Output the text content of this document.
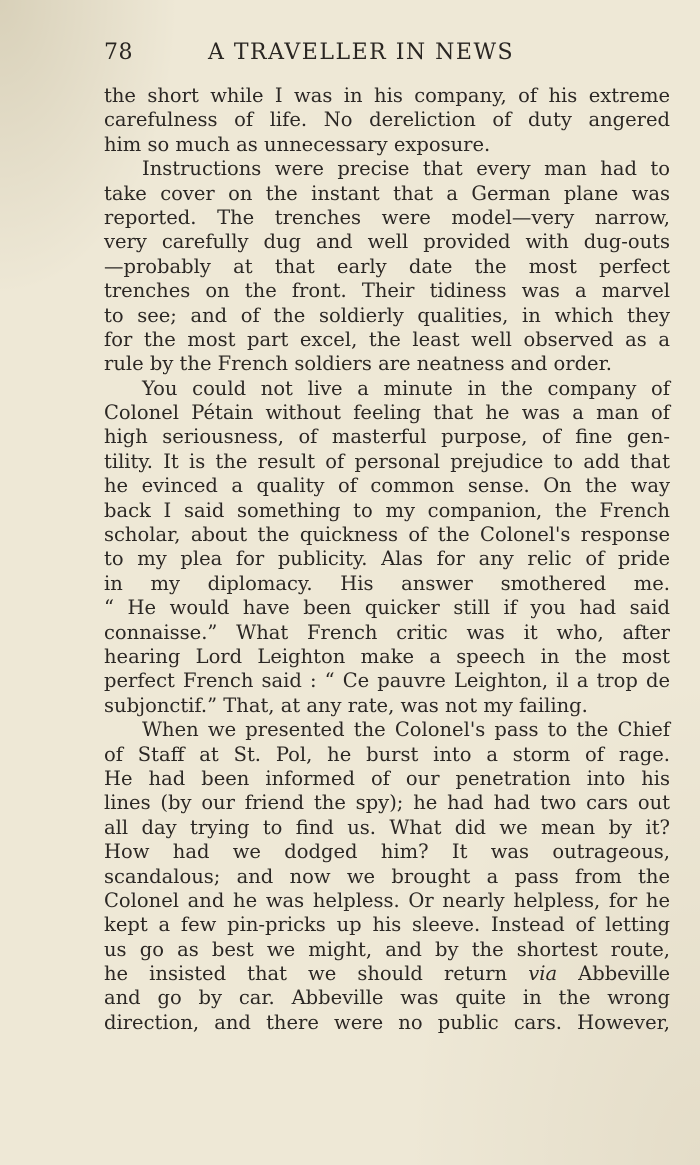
78	A TRAVELLER IN NEWS
the short while I was in his company, of his extreme
carefulness of life. No dereliction of duty angered
him so much as unnecessary exposure.
Instructions were precise that every man had to
take cover on the instant that a German plane was
reported. The trenches were model—very narrow,
very carefully dug and well provided with dug-outs
—probably at that early date the most perfect
trenches on the front. Their tidiness was a marvel
to see; and of the soldierly qualities, in which they
for the most part excel, the least well observed as a
rule by the French soldiers are neatness and order.
You could not live a minute in the company of
Colonel Pétain without feeling that he was a man of
high seriousness, of masterful purpose, of fine gen-
tility. It is the result of personal prejudice to add that
he evinced a quality of common sense. On the way
back I said something to my companion, the French
scholar, about the quickness of the Colonel's response
to my plea for publicity. Alas for any relic of pride
in my diplomacy. His answer smothered me.
“ He would have been quicker still if you had said
connaisse.” What French critic was it who, after
hearing Lord Leighton make a speech in the most
perfect French said : “ Ce pauvre Leighton, il a trop de
subjonctif.” That, at any rate, was not my failing.
When we presented the Colonel's pass to the Chief
of Staff at St. Pol, he burst into a storm of rage.
He had been informed of our penetration into his
lines (by our friend the spy); he had had two cars out
all day trying to find us. What did we mean by it?
How had we dodged him? It was outrageous,
scandalous; and now we brought a pass from the
Colonel and he was helpless. Or nearly helpless, for he
kept a few pin-pricks up his sleeve. Instead of letting
us go as best we might, and by the shortest route,
he insisted that we should return via Abbeville
and go by car. Abbeville was quite in the wrong
direction, and there were no public cars. However,
